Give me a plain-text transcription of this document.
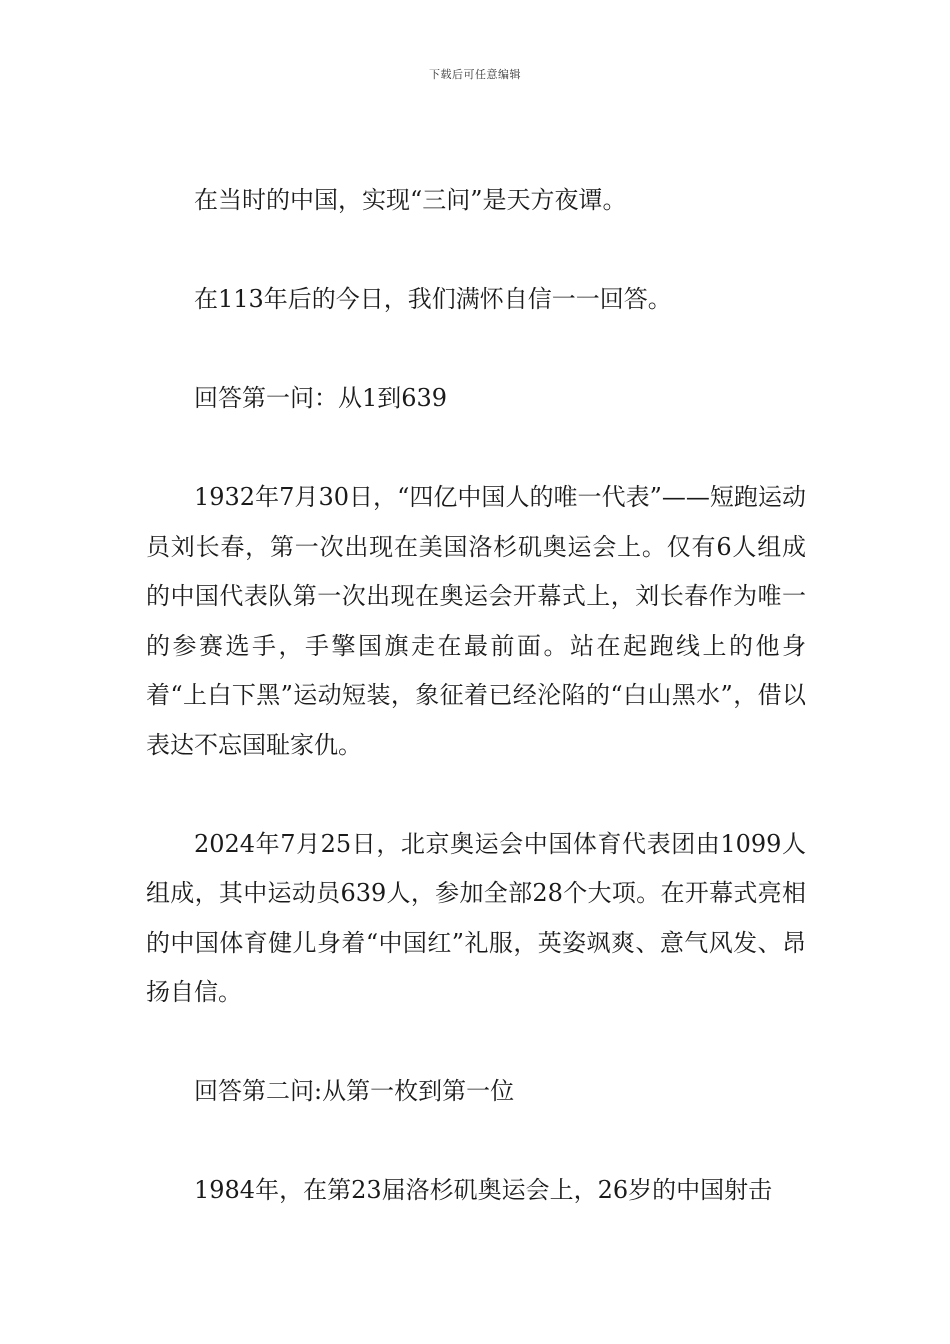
下载后可任意编辑

在当时的中国，实现“三问”是天方夜谭。

在113年后的今日，我们满怀自信一一回答。

回答第一问：从1到639

1932年7月30日，“四亿中国人的唯一代表”——短跑运动员刘长春，第一次出现在美国洛杉矶奥运会上。仅有6人组成的中国代表队第一次出现在奥运会开幕式上，刘长春作为唯一的参赛选手，手擎国旗走在最前面。站在起跑线上的他身着“上白下黑”运动短装，象征着已经沦陷的“白山黑水”，借以表达不忘国耻家仇。

2024年7月25日，北京奥运会中国体育代表团由1099人组成，其中运动员639人，参加全部28个大项。在开幕式亮相的中国体育健儿身着“中国红”礼服，英姿飒爽、意气风发、昂扬自信。

回答第二问:从第一枚到第一位

1984年，在第23届洛杉矶奥运会上，26岁的中国射击
